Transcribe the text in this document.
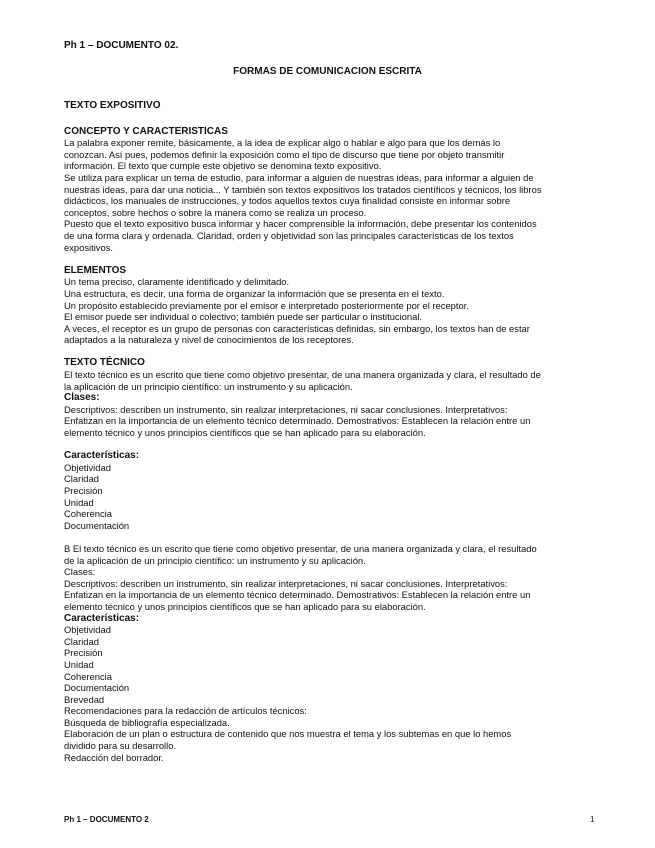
Ph 1 – DOCUMENTO 02.
FORMAS DE COMUNICACION ESCRITA

TEXTO EXPOSITIVO

CONCEPTO Y CARACTERISTICAS

La palabra exponer remite, básicamente, a la idea de explicar algo o hablar e algo para que los demás lo

conozcan. Así pues, podemos definir la exposición como el tipo de discurso que tiene por objeto transmitir

información. El texto que cumple este objetivo se denomina texto expositivo.

Se utiliza para explicar un tema de estudio, para informar a alguien de nuestras ideas, para informar a alguien de

nuestras ideas, para dar una noticia... Y también son textos expositivos los tratados científicos y técnicos, los libros

didácticos, los manuales de instrucciones, y todos aquellos textos cuya finalidad consiste en informar sobre

conceptos, sobre hechos o sobre la manera como se realiza un proceso.

Puesto que el texto expositivo busca informar y hacer comprensible la información, debe presentar los contenidos

de una forma clara y ordenada. Claridad, orden y objetividad son las principales características de los textos

expositivos.

ELEMENTOS

Un tema preciso, claramente identificado y delimitado.

Una estructura, es decir, una forma de organizar la información que se presenta en el texto.

Un propósito establecido previamente por el emisor e interpretado posteriormente por el receptor.

El emisor puede ser individual o colectivo; también puede ser particular o institucional.

A veces, el receptor es un grupo de personas con características definidas, sin embargo, los textos han de estar

adaptados a la naturaleza y nivel de conocimientos de los receptores.

TEXTO TÉCNICO

El texto técnico es un escrito que tiene como objetivo presentar, de una manera organizada y clara, el resultado de

la aplicación de un principio científico: un instrumento y su aplicación.

Clases:

Descriptivos: describen un instrumento, sin realizar interpretaciones, ni sacar conclusiones. Interpretativos:

Enfatizan en la importancia de un elemento técnico determinado. Demostrativos: Establecen la relación entre un

elemento técnico y unos principios científicos que se han aplicado para su elaboración.

Características:

Objetividad

Claridad

Precisión

Unidad

Coherencia

Documentación

B El texto técnico es un escrito que tiene como objetivo presentar, de una manera organizada y clara, el resultado

de la aplicación de un principio científico: un instrumento y su aplicación.

Clases:

Descriptivos: describen un instrumento, sin realizar interpretaciones, ni sacar conclusiones. Interpretativos:

Enfatizan en la importancia de un elemento técnico determinado. Demostrativos: Establecen la relación entre un

elemento técnico y unos principios científicos que se han aplicado para su elaboración.

Características:

Objetividad

Claridad

Precisión

Unidad

Coherencia

Documentación

Brevedad

Recomendaciones para la redacción de artículos técnicos:

Búsqueda de bibliografía especializada.

Elaboración de un plan o estructura de contenido que nos muestra el tema y los subtemas en que lo hemos

dividido para su desarrollo.

Redacción del borrador.

Ph 1 – DOCUMENTO 2	1
